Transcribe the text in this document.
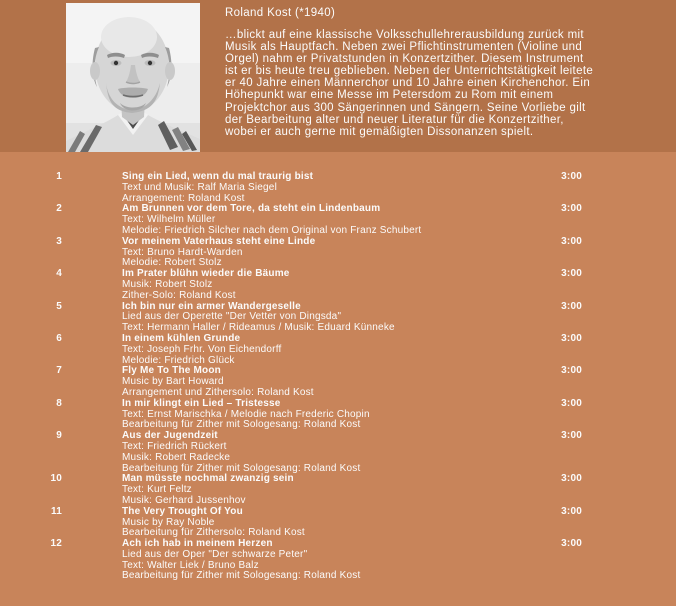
Roland Kost (*1940)
…blickt auf eine klassische Volksschullehrerausbildung zurück mit
Musik als Hauptfach. Neben zwei Pflichtinstrumenten (Violine und
Orgel) nahm er Privatstunden in Konzertzither. Diesem Instrument
ist er bis heute treu geblieben. Neben der Unterrichtstätigkeit leitete
er 40 Jahre einen Männerchor und 10 Jahre einen Kirchenchor. Ein
Höhepunkt war eine Messe im Petersdom zu Rom mit einem
Projektchor aus 300 Sängerinnen und Sängern. Seine Vorliebe gilt
der Bearbeitung alter und neuer Literatur für die Konzertzither,
wobei er auch gerne mit gemäßigten Dissonanzen spielt.
1	Sing ein Lied, wenn du mal traurig bist
Text und Musik: Ralf Maria Siegel
Arrangement: Roland Kost
3:00
2	Am Brunnen vor dem Tore, da steht ein Lindenbaum
Text: Wilhelm Müller
Melodie: Friedrich Silcher nach dem Original von Franz Schubert
3:00
3	Vor meinem Vaterhaus steht eine Linde
Text: Bruno Hardt-Warden
Melodie: Robert Stolz
3:00
4	Im Prater blühn wieder die Bäume
Musik: Robert Stolz
Zither-Solo: Roland Kost
3:00
5	Ich bin nur ein armer Wandergeselle
Lied aus der Operette "Der Vetter von Dingsda"
Text: Hermann Haller / Rideamus / Musik: Eduard Künneke
3:00
6	In einem kühlen Grunde
Text: Joseph Frhr. Von Eichendorff
Melodie: Friedrich Glück
3:00
7	Fly Me To The Moon
Music by Bart Howard
Arrangement und Zithersolo: Roland Kost
3:00
8	In mir klingt ein Lied – Tristesse
Text: Ernst Marischka / Melodie nach Frederic Chopin
Bearbeitung für Zither mit Sologesang: Roland Kost
3:00
9	Aus der Jugendzeit
Text: Friedrich Rückert
Musik: Robert Radecke
Bearbeitung für Zither mit Sologesang: Roland Kost
3:00
10	Man müsste nochmal zwanzig sein
Text: Kurt Feltz
Musik: Gerhard Jussenhov
3:00
11	The Very Trought Of You
Music by Ray Noble
Bearbeitung für Zithersolo: Roland Kost
3:00
12	Ach ich hab in meinem Herzen
Lied aus der Oper "Der schwarze Peter"
Text: Walter Liek / Bruno Balz
Bearbeitung für Zither mit Sologesang: Roland Kost
3:00
